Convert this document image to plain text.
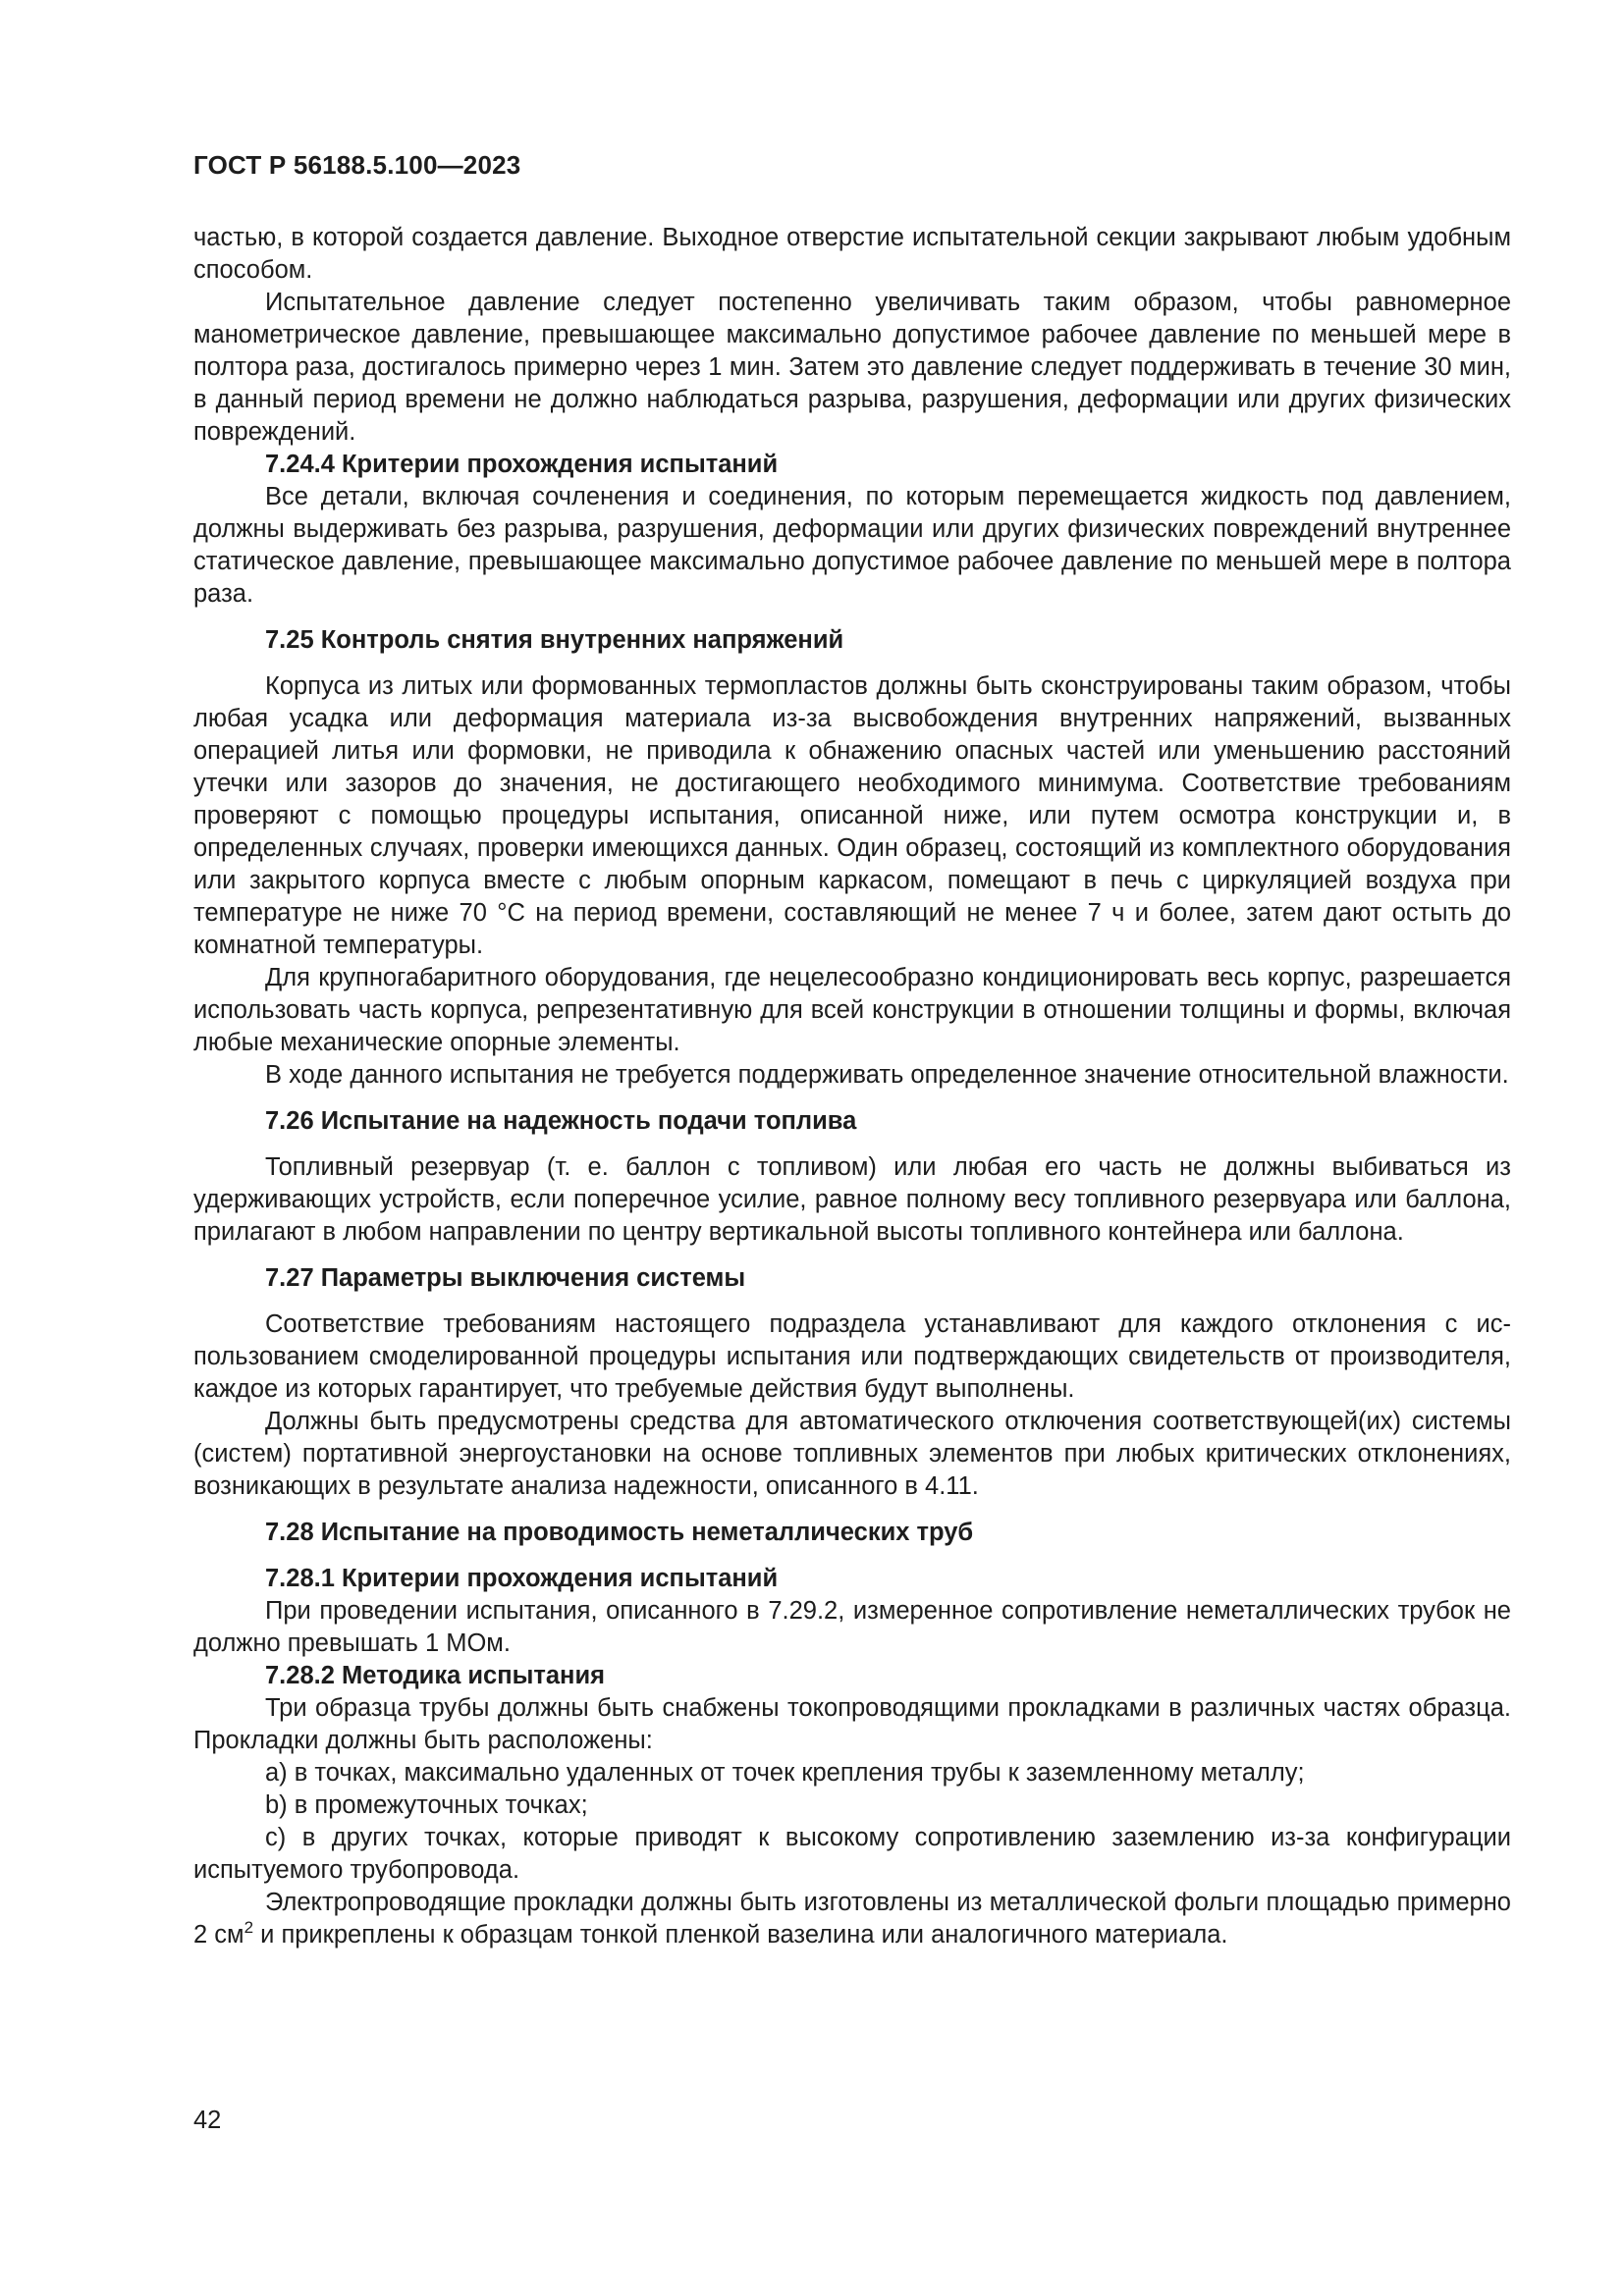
ГОСТ Р 56188.5.100—2023

частью, в которой создается давление. Выходное отверстие испытательной секции закрывают любым удобным способом.

Испытательное давление следует постепенно увеличивать таким образом, чтобы равномерное манометрическое давление, превышающее максимально допустимое рабочее давление по меньшей мере в полтора раза, достигалось примерно через 1 мин. Затем это давление следует поддерживать в течение 30 мин, в данный период времени не должно наблюдаться разрыва, разрушения, деформации или других физических повреждений.

7.24.4 Критерии прохождения испытаний

Все детали, включая сочленения и соединения, по которым перемещается жидкость под давлением, должны выдерживать без разрыва, разрушения, деформации или других физических повреждений внутреннее статическое давление, превышающее максимально допустимое рабочее давление по меньшей мере в полтора раза.

7.25 Контроль снятия внутренних напряжений

Корпуса из литых или формованных термопластов должны быть сконструированы таким образом, чтобы любая усадка или деформация материала из-за высвобождения внутренних напряжений, вызванных операцией литья или формовки, не приводила к обнажению опасных частей или уменьшению расстояний утечки или зазоров до значения, не достигающего необходимого минимума. Соответствие требованиям проверяют с помощью процедуры испытания, описанной ниже, или путем осмотра конструкции и, в определенных случаях, проверки имеющихся данных. Один образец, состоящий из комплектного оборудования или закрытого корпуса вместе с любым опорным каркасом, помещают в печь с циркуляцией воздуха при температуре не ниже 70 °С на период времени, составляющий не менее 7 ч и более, затем дают остыть до комнатной температуры.

Для крупногабаритного оборудования, где нецелесообразно кондиционировать весь корпус, разрешается использовать часть корпуса, репрезентативную для всей конструкции в отношении толщины и формы, включая любые механические опорные элементы.

В ходе данного испытания не требуется поддерживать определенное значение относительной влажности.

7.26 Испытание на надежность подачи топлива

Топливный резервуар (т. е. баллон с топливом) или любая его часть не должны выбиваться из удерживающих устройств, если поперечное усилие, равное полному весу топливного резервуара или баллона, прилагают в любом направлении по центру вертикальной высоты топливного контейнера или баллона.

7.27 Параметры выключения системы

Соответствие требованиям настоящего подраздела устанавливают для каждого отклонения с использованием смоделированной процедуры испытания или подтверждающих свидетельств от производителя, каждое из которых гарантирует, что требуемые действия будут выполнены.

Должны быть предусмотрены средства для автоматического отключения соответствующей(их) системы (систем) портативной энергоустановки на основе топливных элементов при любых критических отклонениях, возникающих в результате анализа надежности, описанного в 4.11.

7.28 Испытание на проводимость неметаллических труб
7.28.1 Критерии прохождения испытаний

При проведении испытания, описанного в 7.29.2, измеренное сопротивление неметаллических трубок не должно превышать 1 МОм.

7.28.2 Методика испытания

Три образца трубы должны быть снабжены токопроводящими прокладками в различных частях образца. Прокладки должны быть расположены:

a) в точках, максимально удаленных от точек крепления трубы к заземленному металлу;

b) в промежуточных точках;

c) в других точках, которые приводят к высокому сопротивлению заземлению из-за конфигурации испытуемого трубопровода.

Электропроводящие прокладки должны быть изготовлены из металлической фольги площадью примерно 2 $см^2$ и прикреплены к образцам тонкой пленкой вазелина или аналогичного материала.

42
